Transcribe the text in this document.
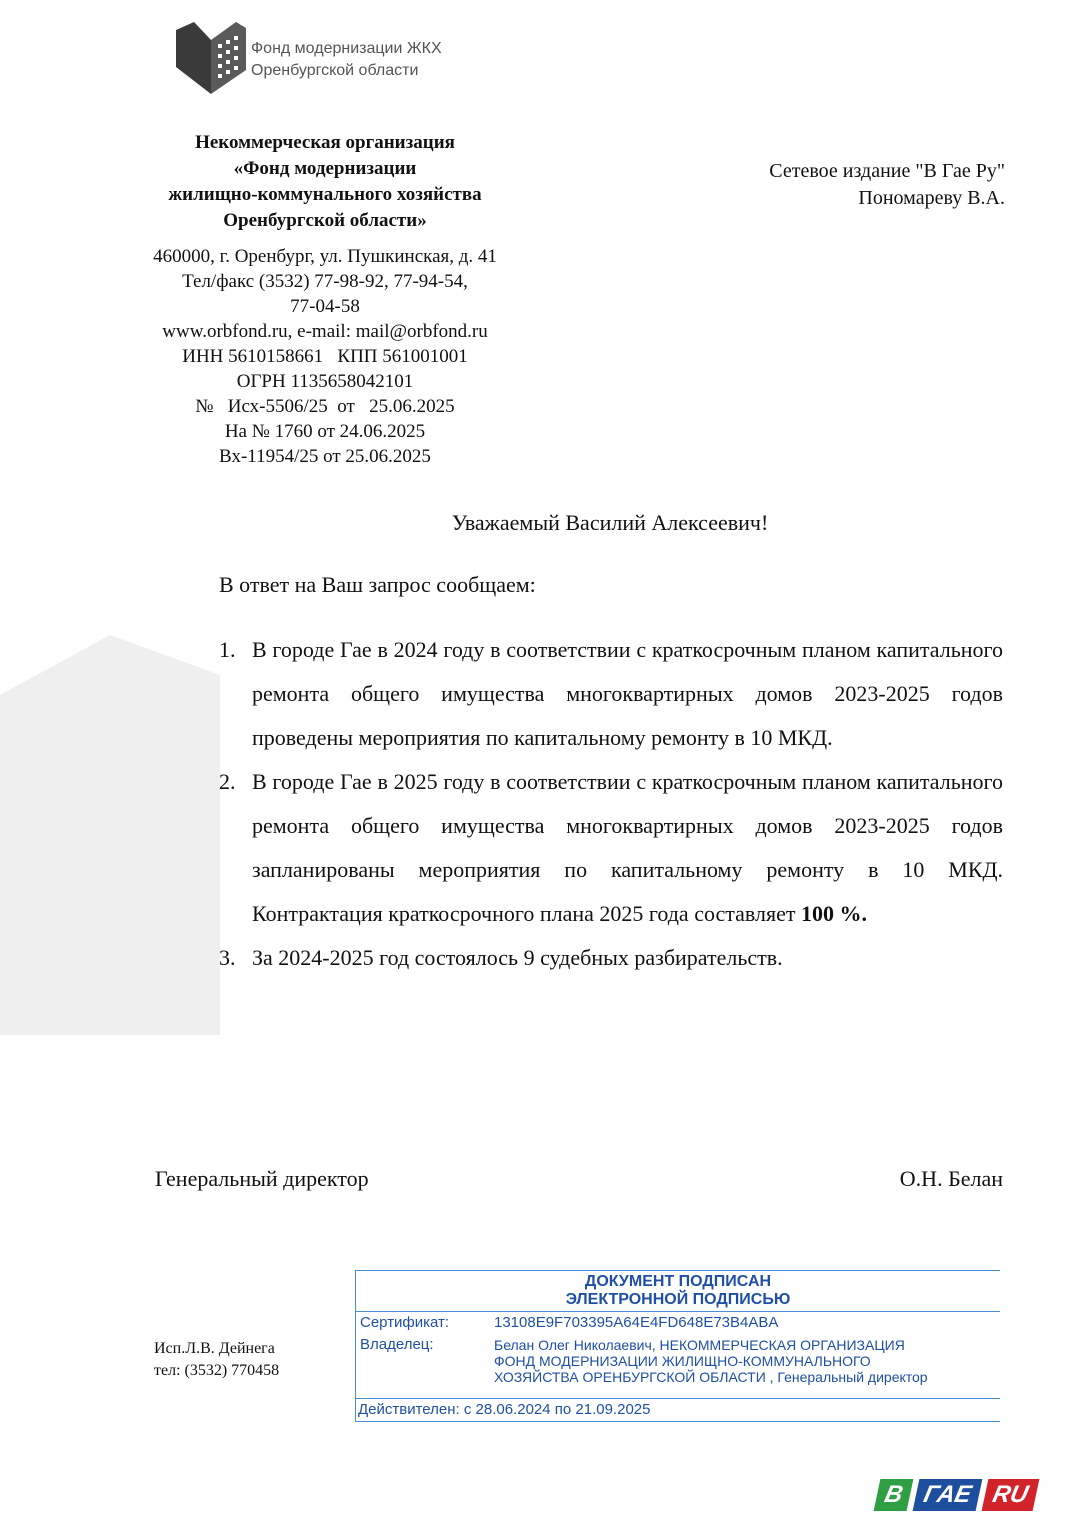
Фонд модернизации ЖКХ
Оренбургской области
Некоммерческая организация
«Фонд модернизации
жилищно-коммунального хозяйства
Оренбургской области»
460000, г. Оренбург, ул. Пушкинская, д. 41
Тел/факс (3532) 77-98-92, 77-94-54,
77-04-58
www.orbfond.ru, e-mail: mail@orbfond.ru
ИНН 5610158661   КПП 561001001
ОГРН 1135658042101
№   Исх-5506/25  от   25.06.2025
На № 1760 от 24.06.2025
Вх-11954/25 от 25.06.2025
Сетевое издание "В Гае Ру"
Пономареву В.А.
Уважаемый Василий Алексеевич!
В ответ на Ваш запрос сообщаем:
1. В городе Гае в 2024 году в соответствии с краткосрочным планом капитального ремонта общего имущества многоквартирных домов 2023-2025 годов проведены мероприятия по капитальному ремонту в 10 МКД.
2. В городе Гае в 2025 году в соответствии с краткосрочным планом капитального ремонта общего имущества многоквартирных домов 2023-2025 годов запланированы мероприятия по капитальному ремонту в 10 МКД. Контрактация краткосрочного плана 2025 года составляет 100 %.
3. За 2024-2025 год состоялось 9 судебных разбирательств.
Генеральный директор	О.Н. Белан
Исп.Л.В. Дейнега
тел: (3532) 770458
ДОКУМЕНТ ПОДПИСАН
ЭЛЕКТРОННОЙ ПОДПИСЬЮ
Сертификат:	13108E9F703395A64E4FD648E73B4ABA
Владелец:	Белан Олег Николаевич, НЕКОММЕРЧЕСКАЯ ОРГАНИЗАЦИЯ
ФОНД МОДЕРНИЗАЦИИ ЖИЛИЩНО-КОММУНАЛЬНОГО
ХОЗЯЙСТВА ОРЕНБУРГСКОЙ ОБЛАСТИ , Генеральный директор
Действителен: с 28.06.2024 по 21.09.2025
В ГАЕ RU
